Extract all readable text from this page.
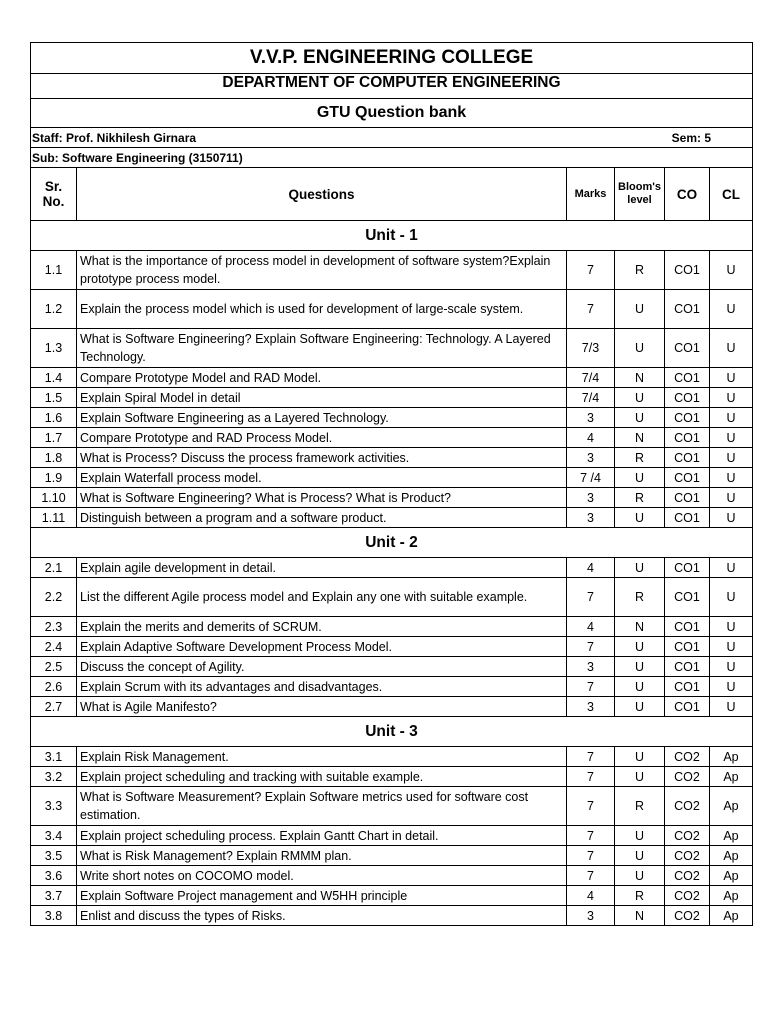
V.V.P. ENGINEERING COLLEGE					
DEPARTMENT OF COMPUTER ENGINEERING					
GTU Question bank					
Staff: Prof. Nikhilesh Girnara Sem: 5					

Sub: Software Engineering (3150711)					
Sr. No.	Questions	Marks	Bloom's level	CO	CL
Unit - 1					
1.1	What is the importance of process model in development of software system?Explain prototype process model.	7	R	CO1	U
1.2	Explain the process model which is used for development of large-scale system.	7	U	CO1	U
1.3	What is Software Engineering? Explain Software Engineering: Technology. A Layered Technology.	7/3	U	CO1	U
1.4	Compare Prototype Model and RAD Model.	7/4	N	CO1	U
1.5	Explain Spiral Model in detail	7/4	U	CO1	U
1.6	Explain Software Engineering as a Layered Technology.	3	U	CO1	U
1.7	Compare Prototype and RAD Process Model.	4	N	CO1	U
1.8	What is Process? Discuss the process framework activities.	3	R	CO1	U
1.9	Explain Waterfall process model.	7 /4	U	CO1	U
1.10	What is Software Engineering? What is Process? What is Product?	3	R	CO1	U
1.11	Distinguish between a program and a software product.	3	U	CO1	U
Unit - 2					
2.1	Explain agile development in detail.	4	U	CO1	U
2.2	List the different Agile process model and Explain any one with suitable example.	7	R	CO1	U
2.3	Explain the merits and demerits of SCRUM.	4	N	CO1	U
2.4	Explain Adaptive Software Development Process Model.	7	U	CO1	U
2.5	Discuss the concept of Agility.	3	U	CO1	U
2.6	Explain Scrum with its advantages and disadvantages.	7	U	CO1	U
2.7	What is Agile Manifesto?	3	U	CO1	U
Unit - 3					
3.1	Explain Risk Management.	7	U	CO2	Ap
3.2	Explain project scheduling and tracking with suitable example.	7	U	CO2	Ap
3.3	What is Software Measurement? Explain Software metrics used for software cost estimation.	7	R	CO2	Ap
3.4	Explain project scheduling process. Explain Gantt Chart in detail.	7	U	CO2	Ap
3.5	What is Risk Management? Explain RMMM plan.	7	U	CO2	Ap
3.6	Write short notes on COCOMO model.	7	U	CO2	Ap
3.7	Explain Software Project management and W5HH principle	4	R	CO2	Ap
3.8	Enlist and discuss the types of Risks.	3	N	CO2	Ap
